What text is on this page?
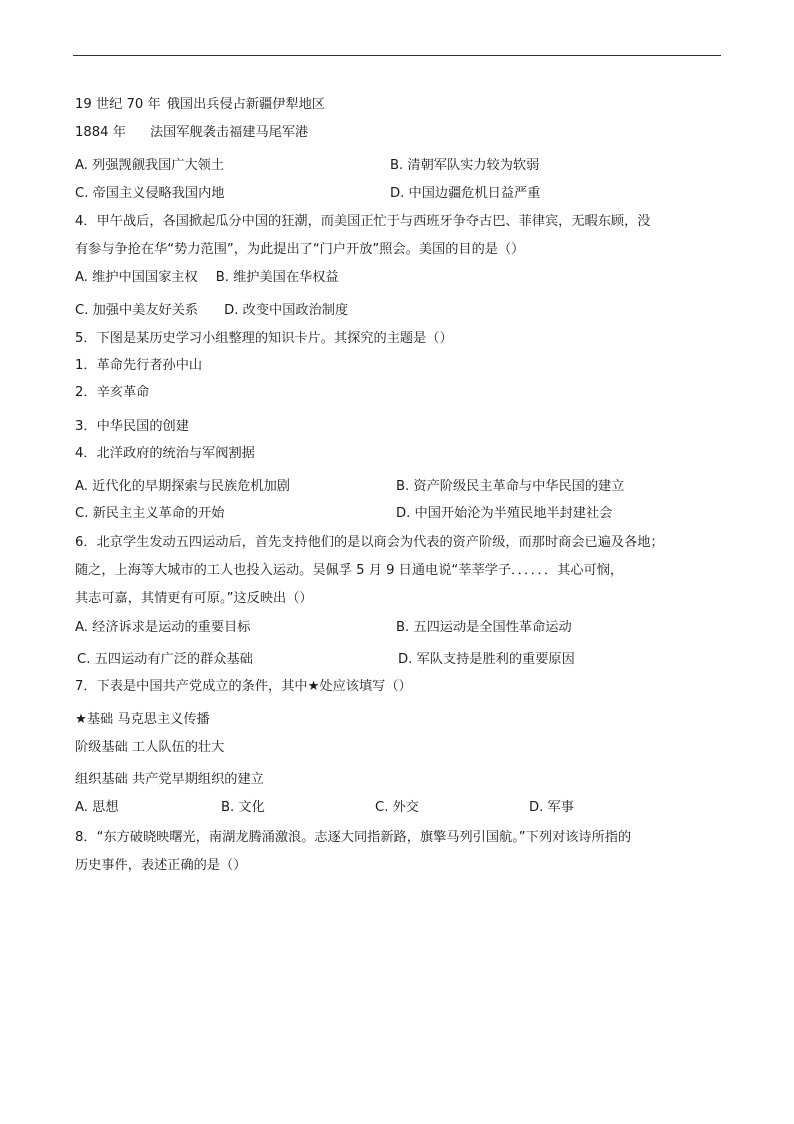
19 世纪 70 年 俄国出兵侵占新疆伊犁地区
1884 年 法国军舰袭击福建马尾军港
A. 列强觊觎我国广大领土	B. 清朝军队实力较为软弱
C. 帝国主义侵略我国内地	D. 中国边疆危机日益严重
4．甲午战后，各国掀起瓜分中国的狂潮，而美国正忙于与西班牙争夺古巴、菲律宾，无暇东顾，没
有参与争抢在华“势力范围”，为此提出了“门户开放”照会。美国的目的是（）
A. 维护中国国家主权 B. 维护美国在华权益
C. 加强中美友好关系 D. 改变中国政治制度
5．下图是某历史学习小组整理的知识卡片。其探究的主题是（）
1．革命先行者孙中山
2．辛亥革命
3．中华民国的创建
4．北洋政府的统治与军阀割据
A. 近代化的早期探索与民族危机加剧	B. 资产阶级民主革命与中华民国的建立
C. 新民主主义革命的开始	D. 中国开始沦为半殖民地半封建社会
6．北京学生发动五四运动后，首先支持他们的是以商会为代表的资产阶级，而那时商会已遍及各地；
随之，上海等大城市的工人也投入运动。吴佩孚 5 月 9 日通电说“莘莘学子．．．．．．其心可悯，
其志可嘉，其情更有可原。”这反映出（）
A. 经济诉求是运动的重要目标	B. 五四运动是全国性革命运动
C. 五四运动有广泛的群众基础	D. 军队支持是胜利的重要原因
7．下表是中国共产党成立的条件，其中★处应该填写（）
★基础 马克思主义传播
阶级基础 工人队伍的壮大
组织基础 共产党早期组织的建立
A. 思想	B. 文化	C. 外交	D. 军事
8．“东方破晓映曙光，南湖龙腾涌激浪。志逐大同指新路，旗擎马列引国航。”下列对该诗所指的
历史事件，表述正确的是（）
